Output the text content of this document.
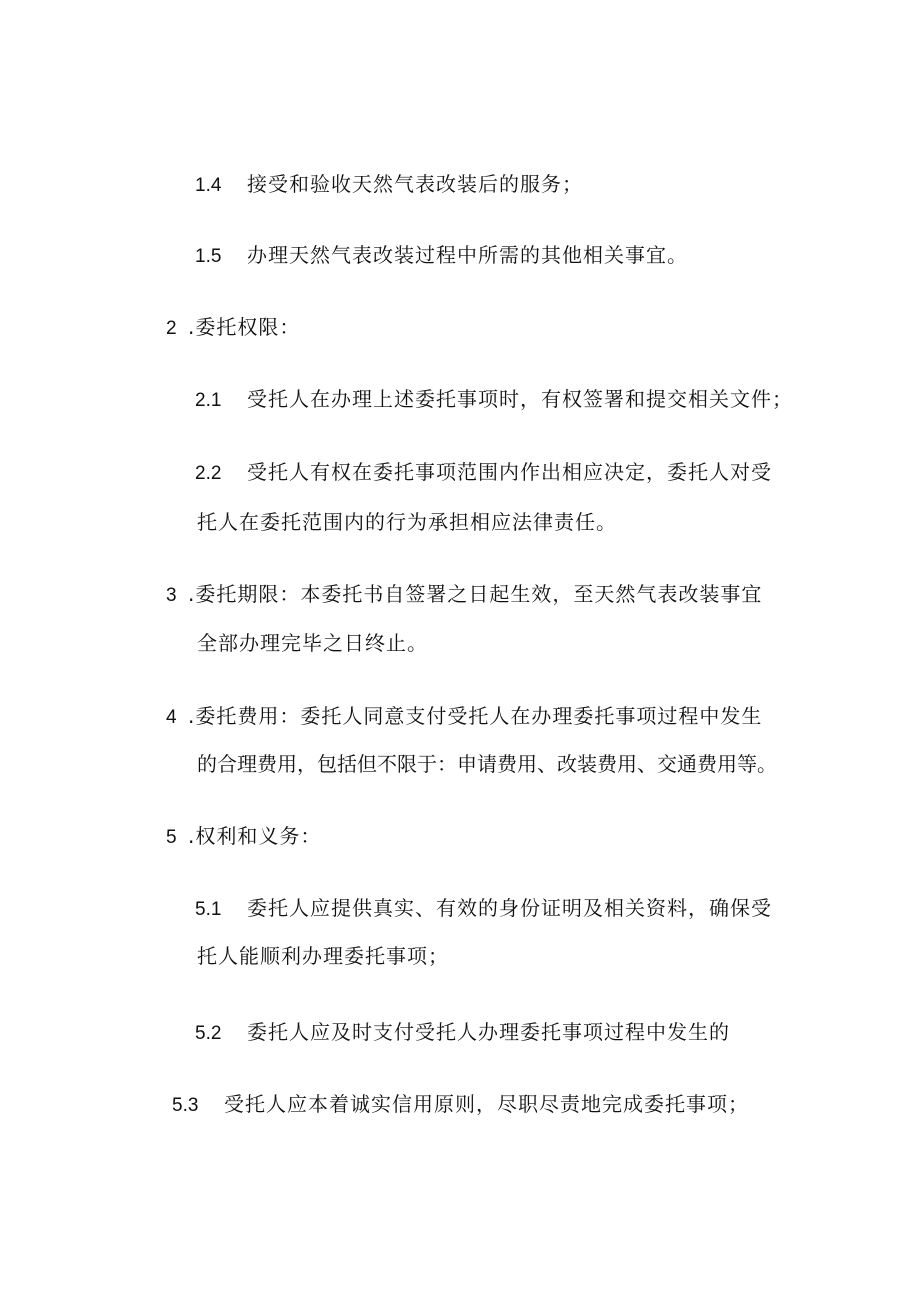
1.4 接受和验收天然气表改装后的服务；
1.5 办理天然气表改装过程中所需的其他相关事宜。
2 .委托权限：
2.1 受托人在办理上述委托事项时，有权签署和提交相关文件；
2.2 受托人有权在委托事项范围内作出相应决定，委托人对受
托人在委托范围内的行为承担相应法律责任。
3 .委托期限：本委托书自签署之日起生效，至天然气表改装事宜
全部办理完毕之日终止。
4 .委托费用：委托人同意支付受托人在办理委托事项过程中发生
的合理费用，包括但不限于：申请费用、改装费用、交通费用等。
5 .权利和义务：
5.1 委托人应提供真实、有效的身份证明及相关资料，确保受
托人能顺利办理委托事项；
5.2 委托人应及时支付受托人办理委托事项过程中发生的
5.3 受托人应本着诚实信用原则，尽职尽责地完成委托事项；
